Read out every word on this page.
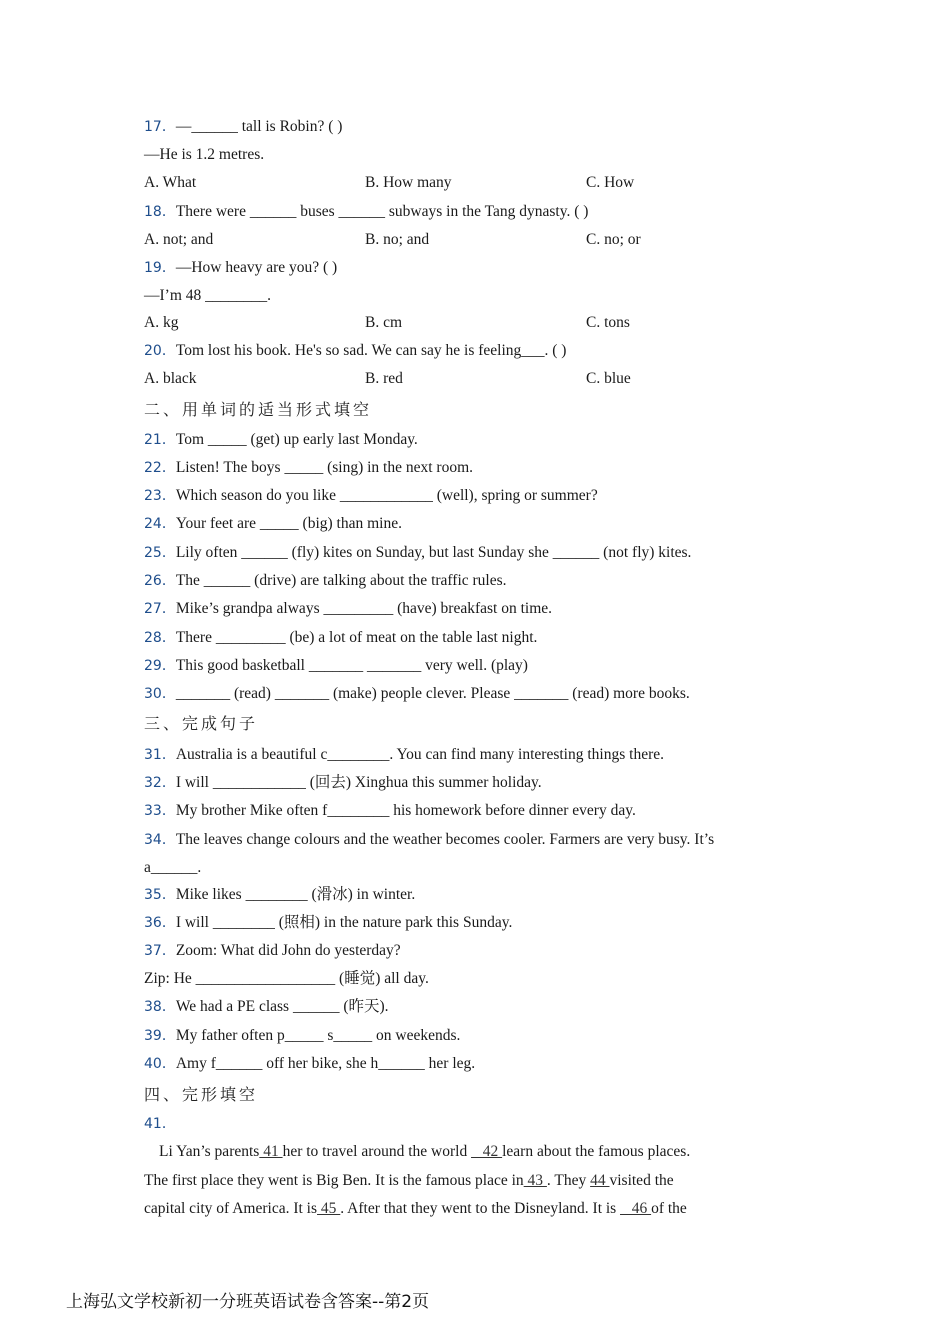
17．—______ tall is Robin? ( )
—He is 1.2 metres.
A. What	B. How many	C. How
18．There were ______ buses ______ subways in the Tang dynasty. ( )
A. not; and	B. no; and	C. no; or
19．—How heavy are you? ( )
—I’m 48 ________.
A. kg	B. cm	C. tons
20．Tom lost his book. He's so sad. We can say he is feeling___. ( )
A. black	B. red	C. blue
二、用单词的适当形式填空
21．Tom _____ (get) up early last Monday.
22．Listen! The boys _____ (sing) in the next room.
23．Which season do you like ____________ (well), spring or summer?
24．Your feet are _____ (big) than mine.
25．Lily often ______ (fly) kites on Sunday, but last Sunday she ______ (not fly) kites.
26．The ______ (drive) are talking about the traffic rules.
27．Mike’s grandpa always _________ (have) breakfast on time.
28．There _________ (be) a lot of meat on the table last night.
29．This good basketball _______ _______ very well. (play)
30．_______ (read) _______ (make) people clever. Please _______ (read) more books.
三、完成句子
31．Australia is a beautiful c________. You can find many interesting things there.
32．I will ____________ (回去) Xinghua this summer holiday.
33．My brother Mike often f________ his homework before dinner every day.
34．The leaves change colours and the weather becomes cooler. Farmers are very busy. It’s
a______.
35．Mike likes ________ (滑冰) in winter.
36．I will ________ (照相) in the nature park this Sunday.
37．Zoom: What did John do yesterday?
Zip: He __________________ (睡觉) all day.
38．We had a PE class ______ (昨天).
39．My father often p_____ s_____ on weekends.
40．Amy f______ off her bike, she h______ her leg.
四、完形填空
41．
Li Yan’s parents 41 her to travel around the world _ 42 learn about the famous places.
The first place they went is Big Ben. It is the famous place in 43 . They 44 visited the
capital city of America. It is 45 . After that they went to the Disneyland. It is _ 46 of the
上海弘文学校新初一分班英语试卷含答案--第2页
